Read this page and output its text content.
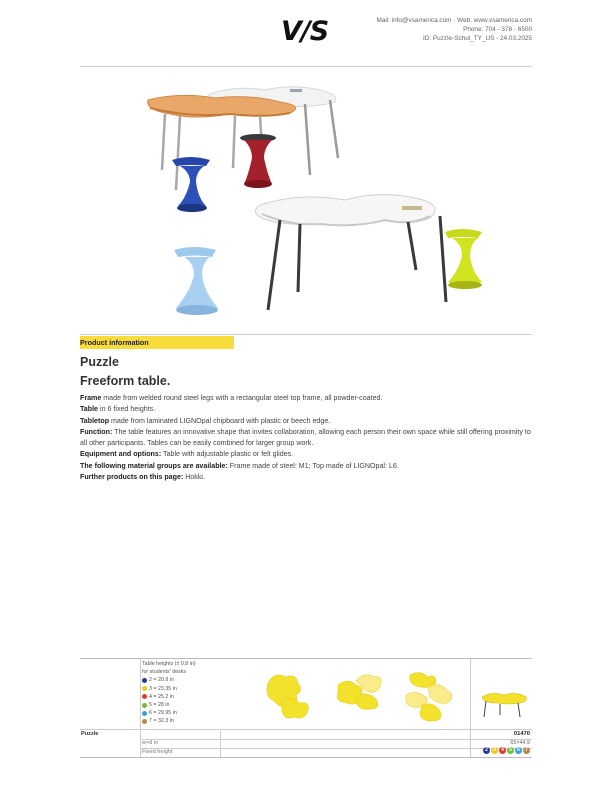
V/S	Mail: info@vsamerica.com · Web: www.vsamerica.com
Phone: 704 - 378 - 6500
ID: Puzzle-Schul_TY_US - 24.03.2025
Product information
Puzzle
Freeform table.

Frame made from welded round steel legs with a rectangular steel top frame, all powder-coated.

Table in 6 fixed heights.

Tabletop made from laminated LIGNOpal chipboard with plastic or beech edge.

Function: The table features an innovative shape that invites collaboration, allowing each person their own space while still offering proximity to all other participants. Tables can be easily combined for larger group work.

Equipment and options: Table with adjustable plastic or felt glides.

The following material groups are available: Frame made of steel: M1; Top made of LIGNOpal: L6.

Further products on this page: Hokki.

Table heights (± 0.8 in)
for students' desks
2 = 20.9 in
3 = 23.35 in
4 = 25.2 in
5 = 28 in
6 = 29.95 in
7 = 32.3 in
Puzzle	01470
w×d in	65×44.9
Fixed height	2	3	4	5	6	7
